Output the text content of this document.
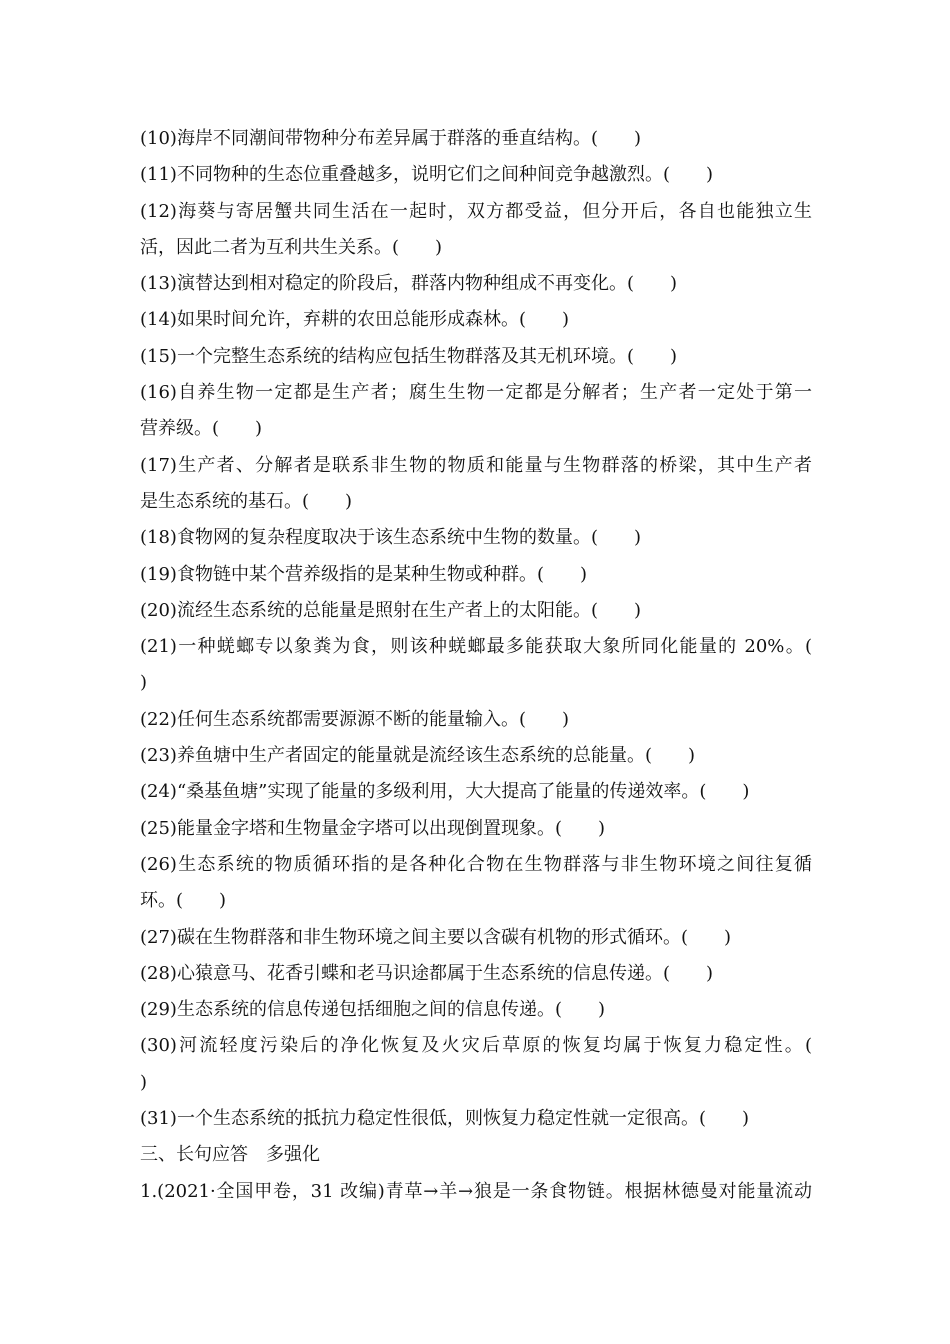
(10)海岸不同潮间带物种分布差异属于群落的垂直结构。(　　)
(11)不同物种的生态位重叠越多，说明它们之间种间竞争越激烈。(　　)
(12)海葵与寄居蟹共同生活在一起时，双方都受益，但分开后，各自也能独立生
活，因此二者为互利共生关系。(　　)
(13)演替达到相对稳定的阶段后，群落内物种组成不再变化。(　　)
(14)如果时间允许，弃耕的农田总能形成森林。(　　)
(15)一个完整生态系统的结构应包括生物群落及其无机环境。(　　)
(16)自养生物一定都是生产者；腐生生物一定都是分解者；生产者一定处于第一
营养级。(　　)
(17)生产者、分解者是联系非生物的物质和能量与生物群落的桥梁，其中生产者
是生态系统的基石。(　　)
(18)食物网的复杂程度取决于该生态系统中生物的数量。(　　)
(19)食物链中某个营养级指的是某种生物或种群。(　　)
(20)流经生态系统的总能量是照射在生产者上的太阳能。(　　)
(21)一种蜣螂专以象粪为食，则该种蜣螂最多能获取大象所同化能量的 20%。(
)
(22)任何生态系统都需要源源不断的能量输入。(　　)
(23)养鱼塘中生产者固定的能量就是流经该生态系统的总能量。(　　)
(24)“桑基鱼塘”实现了能量的多级利用，大大提高了能量的传递效率。(　　)
(25)能量金字塔和生物量金字塔可以出现倒置现象。(　　)
(26)生态系统的物质循环指的是各种化合物在生物群落与非生物环境之间往复循
环。(　　)
(27)碳在生物群落和非生物环境之间主要以含碳有机物的形式循环。(　　)
(28)心猿意马、花香引蝶和老马识途都属于生态系统的信息传递。(　　)
(29)生态系统的信息传递包括细胞之间的信息传递。(　　)
(30)河流轻度污染后的净化恢复及火灾后草原的恢复均属于恢复力稳定性。(
)
(31)一个生态系统的抵抗力稳定性很低，则恢复力稳定性就一定很高。(　　)
三、长句应答　多强化
1.(2021·全国甲卷，31 改编)青草→羊→狼是一条食物链。根据林德曼对能量流动
